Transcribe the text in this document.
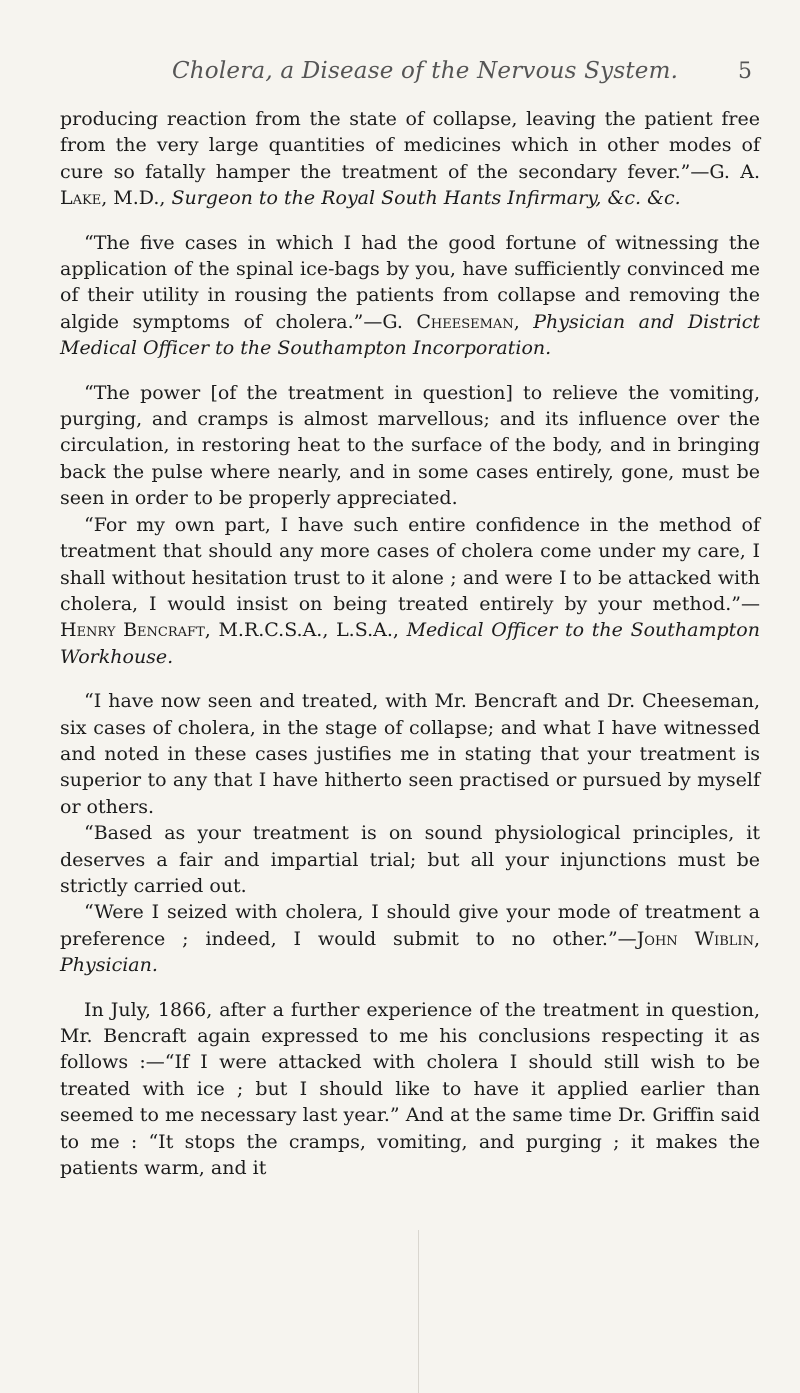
Cholera, a Disease of the Nervous System.	5

producing reaction from the state of collapse, leaving the patient free from the very large quantities of medicines which in other modes of cure so fatally hamper the treatment of the secondary fever.”—G. A. Lake, M.D., Surgeon to the Royal South Hants Infirmary, &c. &c.

“The five cases in which I had the good fortune of witnessing the application of the spinal ice-bags by you, have sufficiently convinced me of their utility in rousing the patients from collapse and removing the algide symptoms of cholera.”—G. Cheeseman, Physician and District Medical Officer to the Southampton Incorporation.

“The power [of the treatment in question] to relieve the vomiting, purging, and cramps is almost marvellous; and its influence over the circulation, in restoring heat to the surface of the body, and in bringing back the pulse where nearly, and in some cases entirely, gone, must be seen in order to be properly appreciated.

“For my own part, I have such entire confidence in the method of treatment that should any more cases of cholera come under my care, I shall without hesitation trust to it alone ; and were I to be attacked with cholera, I would insist on being treated entirely by your method.”—Henry Bencraft, M.R.C.S.A., L.S.A., Medical Officer to the Southampton Workhouse.

“I have now seen and treated, with Mr. Bencraft and Dr. Cheeseman, six cases of cholera, in the stage of collapse; and what I have witnessed and noted in these cases justifies me in stating that your treatment is superior to any that I have hitherto seen practised or pursued by myself or others.

“Based as your treatment is on sound physiological principles, it deserves a fair and impartial trial; but all your injunctions must be strictly carried out.

“Were I seized with cholera, I should give your mode of treatment a preference ; indeed, I would submit to no other.”—John Wiblin, Physician.

In July, 1866, after a further experience of the treatment in question, Mr. Bencraft again expressed to me his conclusions respecting it as follows :—“If I were attacked with cholera I should still wish to be treated with ice ; but I should like to have it applied earlier than seemed to me necessary last year.” And at the same time Dr. Griffin said to me : “It stops the cramps, vomiting, and purging ; it makes the patients warm, and it
